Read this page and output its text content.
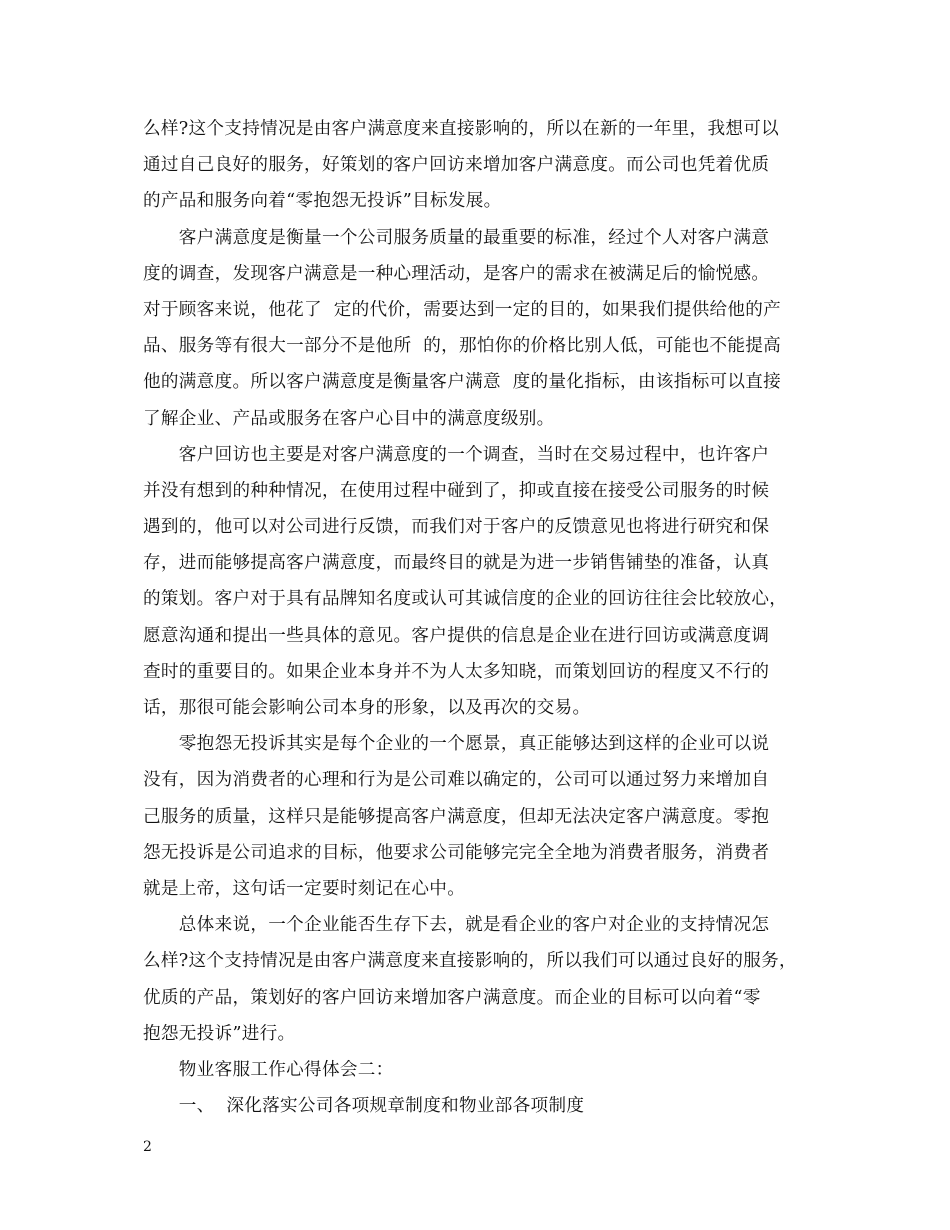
么样?这个支持情况是由客户满意度来直接影响的，所以在新的一年里，我想可以
通过自己良好的服务，好策划的客户回访来增加客户满意度。而公司也凭着优质
的产品和服务向着“零抱怨无投诉”目标发展。
　　客户满意度是衡量一个公司服务质量的最重要的标准，经过个人对客户满意
度的调查，发现客户满意是一种心理活动，是客户的需求在被满足后的愉悦感。
对于顾客来说，他花了  定的代价，需要达到一定的目的，如果我们提供给他的产
品、服务等有很大一部分不是他所  的，那怕你的价格比别人低，可能也不能提高
他的满意度。所以客户满意度是衡量客户满意  度的量化指标，由该指标可以直接
了解企业、产品或服务在客户心目中的满意度级别。
　　客户回访也主要是对客户满意度的一个调查，当时在交易过程中，也许客户
并没有想到的种种情况，在使用过程中碰到了，抑或直接在接受公司服务的时候
遇到的，他可以对公司进行反馈，而我们对于客户的反馈意见也将进行研究和保
存，进而能够提高客户满意度，而最终目的就是为进一步销售铺垫的准备，认真
的策划。客户对于具有品牌知名度或认可其诚信度的企业的回访往往会比较放心，
愿意沟通和提出一些具体的意见。客户提供的信息是企业在进行回访或满意度调
查时的重要目的。如果企业本身并不为人太多知晓，而策划回访的程度又不行的
话，那很可能会影响公司本身的形象，以及再次的交易。
　　零抱怨无投诉其实是每个企业的一个愿景，真正能够达到这样的企业可以说
没有，因为消费者的心理和行为是公司难以确定的，公司可以通过努力来增加自
己服务的质量，这样只是能够提高客户满意度，但却无法决定客户满意度。零抱
怨无投诉是公司追求的目标，他要求公司能够完完全全地为消费者服务，消费者
就是上帝，这句话一定要时刻记在心中。
　　总体来说，一个企业能否生存下去，就是看企业的客户对企业的支持情况怎
么样?这个支持情况是由客户满意度来直接影响的，所以我们可以通过良好的服务，
优质的产品，策划好的客户回访来增加客户满意度。而企业的目标可以向着“零
抱怨无投诉”进行。
　　物业客服工作心得体会二：
　　一、  深化落实公司各项规章制度和物业部各项制度
2
